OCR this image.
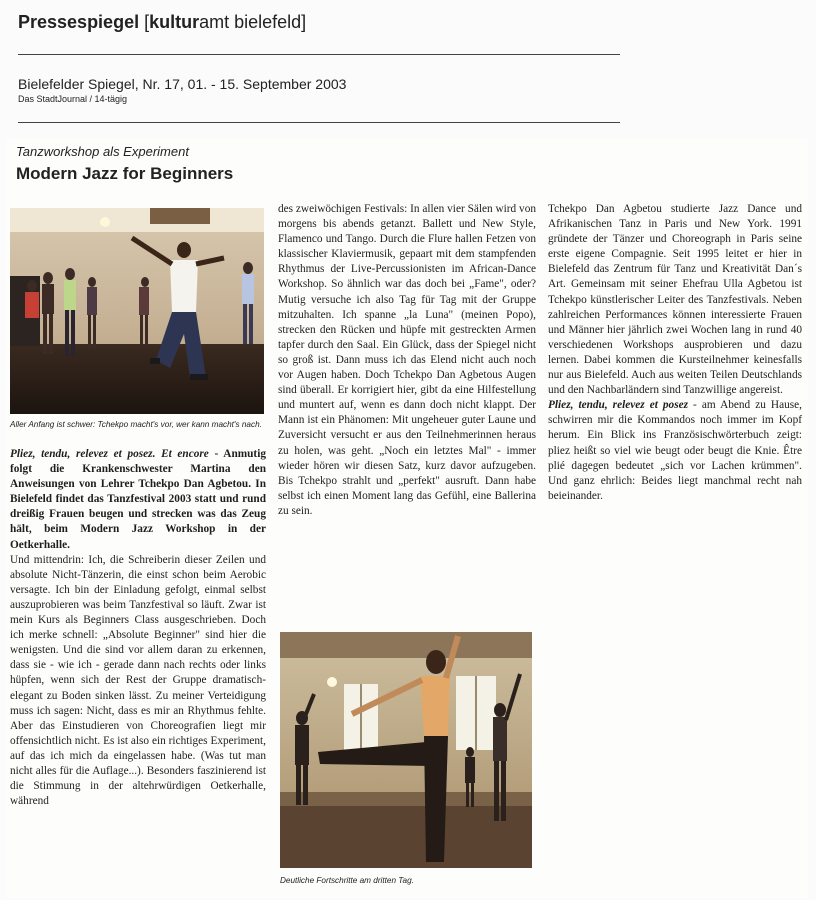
Pressespiegel [kulturamt bielefeld]
Bielefelder Spiegel, Nr. 17, 01. - 15. September 2003
Das StadtJournal / 14-tägig
Tanzworkshop als Experiment
Modern Jazz for Beginners
Aller Anfang ist schwer: Tchekpo macht's vor, wer kann macht's nach.

Pliez, tendu, relevez et posez. Et encore - Anmutig folgt die Krankenschwester Martina den Anweisungen von Lehrer Tchekpo Dan Agbetou. In Bielefeld findet das Tanzfestival 2003 statt und rund dreißig Frauen beugen und strecken was das Zeug hält, beim Modern Jazz Workshop in der Oetkerhalle.

Und mittendrin: Ich, die Schreiberin dieser Zeilen und absolute Nicht-Tänzerin, die einst schon beim Aerobic versagte. Ich bin der Einladung gefolgt, einmal selbst auszuprobieren was beim Tanzfestival so läuft. Zwar ist mein Kurs als Beginners Class ausgeschrieben. Doch ich merke schnell: „Absolute Beginner" sind hier die wenigsten. Und die sind vor allem daran zu erkennen, dass sie - wie ich - gerade dann nach rechts oder links hüpfen, wenn sich der Rest der Gruppe dramatisch-elegant zu Boden sinken lässt. Zu meiner Verteidigung muss ich sagen: Nicht, dass es mir an Rhythmus fehlte. Aber das Einstudieren von Choreografien liegt mir offensichtlich nicht. Es ist also ein richtiges Experiment, auf das ich mich da eingelassen habe. (Was tut man nicht alles für die Auflage...). Besonders faszinierend ist die Stimmung in der altehrwürdigen Oetkerhalle, während

des zweiwöchigen Festivals: In allen vier Sälen wird von morgens bis abends getanzt. Ballett und New Style, Flamenco und Tango. Durch die Flure hallen Fetzen von klassischer Klaviermusik, gepaart mit dem stampfenden Rhythmus der Live-Percussionisten im African-Dance Workshop. So ähnlich war das doch bei „Fame", oder? Mutig versuche ich also Tag für Tag mit der Gruppe mitzuhalten. Ich spanne „la Luna" (meinen Popo), strecken den Rücken und hüpfe mit gestreckten Armen tapfer durch den Saal. Ein Glück, dass der Spiegel nicht so groß ist. Dann muss ich das Elend nicht auch noch vor Augen haben. Doch Tchekpo Dan Agbetous Augen sind überall. Er korrigiert hier, gibt da eine Hilfestellung und muntert auf, wenn es dann doch nicht klappt. Der Mann ist ein Phänomen: Mit ungeheuer guter Laune und Zuversicht versucht er aus den Teilnehmerinnen heraus zu holen, was geht. „Noch ein letztes Mal" - immer wieder hören wir diesen Satz, kurz davor aufzugeben. Bis Tchekpo strahlt und „perfekt" ausruft. Dann habe selbst ich einen Moment lang das Gefühl, eine Ballerina zu sein.
Deutliche Fortschritte am dritten Tag.

Tchekpo Dan Agbetou studierte Jazz Dance und Afrikanischen Tanz in Paris und New York. 1991 gründete der Tänzer und Choreograph in Paris seine erste eigene Compagnie. Seit 1995 leitet er hier in Bielefeld das Zentrum für Tanz und Kreativität Dan´s Art. Gemeinsam mit seiner Ehefrau Ulla Agbetou ist Tchekpo künstlerischer Leiter des Tanzfestivals. Neben zahlreichen Performances können interessierte Frauen und Männer hier jährlich zwei Wochen lang in rund 40 verschiedenen Workshops ausprobieren und dazu lernen. Dabei kommen die Kursteilnehmer keinesfalls nur aus Bielefeld. Auch aus weiten Teilen Deutschlands und den Nachbarländern sind Tanzwillige angereist.

Pliez, tendu, relevez et posez - am Abend zu Hause, schwirren mir die Kommandos noch immer im Kopf herum. Ein Blick ins Französischwörterbuch zeigt: pliez heißt so viel wie beugt oder beugt die Knie. Être plié dagegen bedeutet „sich vor Lachen krümmen". Und ganz ehrlich: Beides liegt manchmal recht nah beieinander.
